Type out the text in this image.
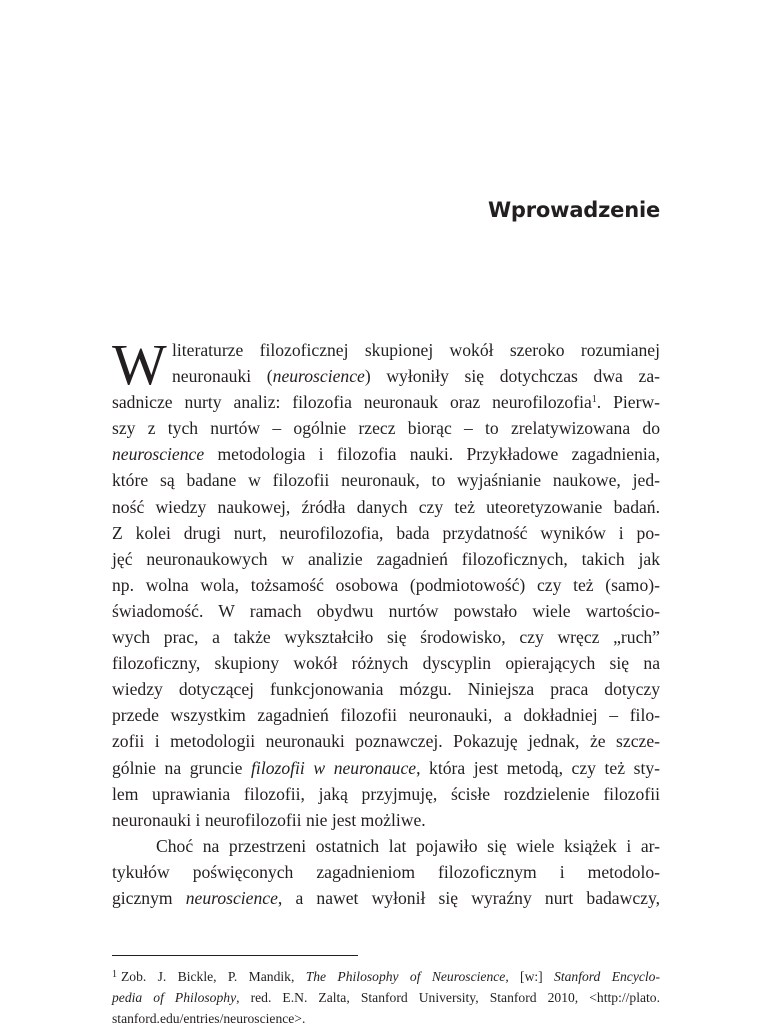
Wprowadzenie
W literaturze filozoficznej skupionej wokół szeroko rozumianej
neuronauki (neuroscience) wyłoniły się dotychczas dwa za-
sadnicze nurty analiz: filozofia neuronauk oraz neurofilozofia$^1$. Pierw-
szy z tych nurtów – ogólnie rzecz biorąc – to zrelatywizowana do
neuroscience metodologia i filozofia nauki. Przykładowe zagadnienia,
które są badane w filozofii neuronauk, to wyjaśnianie naukowe, jed-
ność wiedzy naukowej, źródła danych czy też uteoretyzowanie badań.
Z kolei drugi nurt, neurofilozofia, bada przydatność wyników i po-
jęć neuronaukowych w analizie zagadnień filozoficznych, takich jak
np. wolna wola, tożsamość osobowa (podmiotowość) czy też (samo)-
świadomość. W ramach obydwu nurtów powstało wiele wartościo-
wych prac, a także wykształciło się środowisko, czy wręcz „ruch”
filozoficzny, skupiony wokół różnych dyscyplin opierających się na
wiedzy dotyczącej funkcjonowania mózgu. Niniejsza praca dotyczy
przede wszystkim zagadnień filozofii neuronauki, a dokładniej – filo-
zofii i metodologii neuronauki poznawczej. Pokazuję jednak, że szcze-
gólnie na gruncie filozofii w neuronauce, która jest metodą, czy też sty-
lem uprawiania filozofii, jaką przyjmuję, ścisłe rozdzielenie filozofii
neuronauki i neurofilozofii nie jest możliwe.
Choć na przestrzeni ostatnich lat pojawiło się wiele książek i ar-
tykułów poświęconych zagadnieniom filozoficznym i metodolo-
gicznym neuroscience, a nawet wyłonił się wyraźny nurt badawczy,
$^1$ Zob. J. Bickle, P. Mandik, The Philosophy of Neuroscience, [w:] Stanford Encyclo-
pedia of Philosophy, red. E.N. Zalta, Stanford University, Stanford 2010, <http://plato.
stanford.edu/entries/neuroscience>.
